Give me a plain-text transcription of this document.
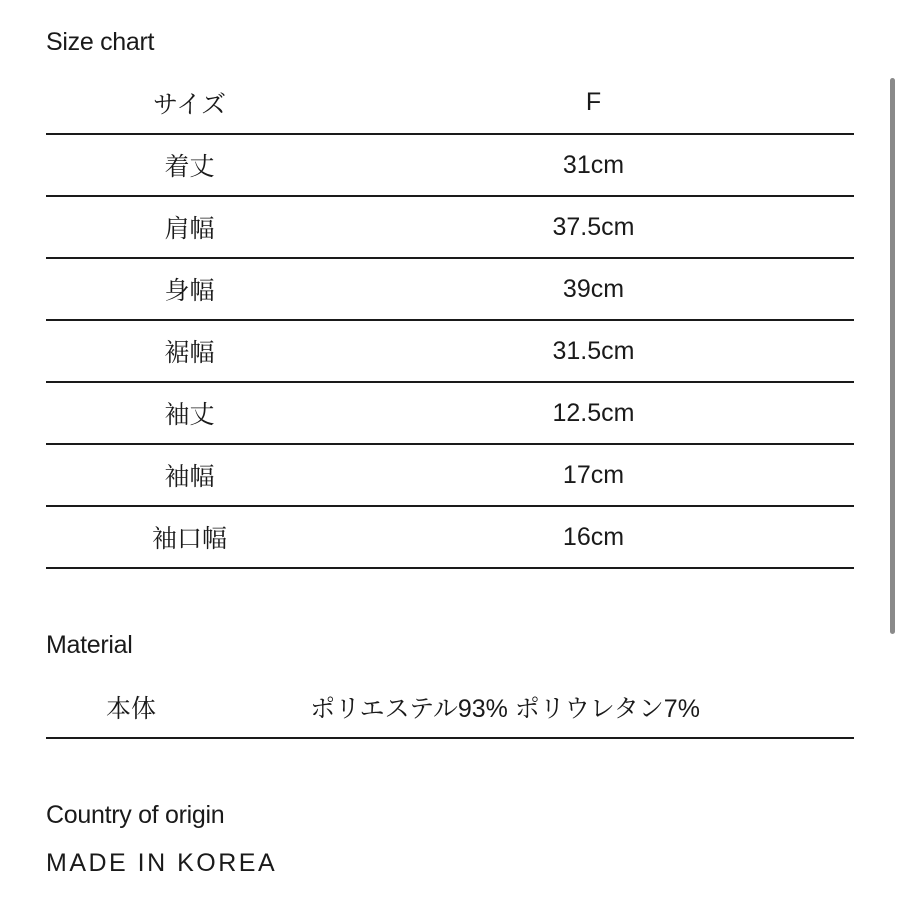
Size chart
サイズ	F
着丈	31cm
肩幅	37.5cm
身幅	39cm
裾幅	31.5cm
袖丈	12.5cm
袖幅	17cm
袖口幅	16cm
Material
本体	ポリエステル93% ポリウレタン7%
Country of origin

MADE IN KOREA
